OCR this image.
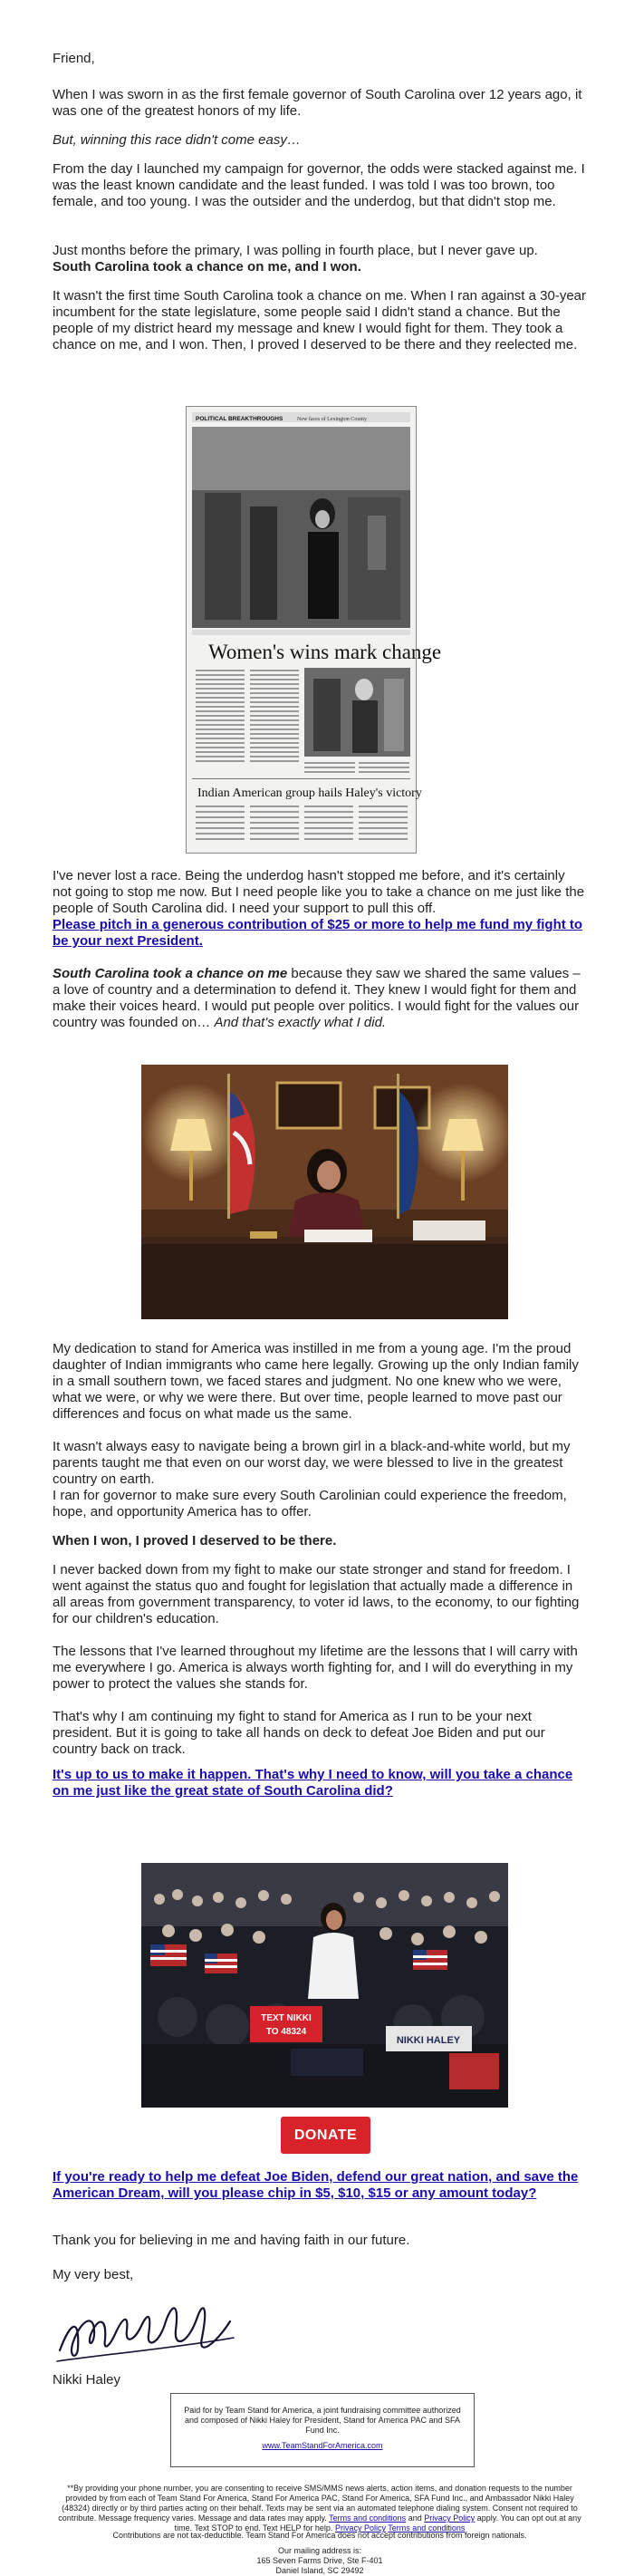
Friend,

When I was sworn in as the first female governor of South Carolina over 12 years ago, it was one of the greatest honors of my life.

But, winning this race didn't come easy…

From the day I launched my campaign for governor, the odds were stacked against me. I was the least known candidate and the least funded. I was told I was too brown, too female, and too young. I was the outsider and the underdog, but that didn't stop me.

Just months before the primary, I was polling in fourth place, but I never gave up.
South Carolina took a chance on me, and I won.

It wasn't the first time South Carolina took a chance on me. When I ran against a 30-year incumbent for the state legislature, some people said I didn't stand a chance. But the people of my district heard my message and knew I would fight for them. They took a chance on me, and I won. Then, I proved I deserved to be there and they reelected me.

POLITICAL BREAKTHROUGHS	New faces of Lexington County
Women's wins mark change
Indian American group hails Haley's victory

I've never lost a race. Being the underdog hasn't stopped me before, and it's certainly not going to stop me now. But I need people like you to take a chance on me just like the people of South Carolina did. I need your support to pull this off.

Please pitch in a generous contribution of $25 or more to help me fund my fight to be your next President.

South Carolina took a chance on me because they saw we shared the same values – a love of country and a determination to defend it. They knew I would fight for them and make their voices heard. I would put people over politics. I would fight for the values our country was founded on… And that's exactly what I did.

My dedication to stand for America was instilled in me from a young age. I'm the proud daughter of Indian immigrants who came here legally. Growing up the only Indian family in a small southern town, we faced stares and judgment. No one knew who we were, what we were, or why we were there. But over time, people learned to move past our differences and focus on what made us the same.

It wasn't always easy to navigate being a brown girl in a black-and-white world, but my parents taught me that even on our worst day, we were blessed to live in the greatest country on earth.

I ran for governor to make sure every South Carolinian could experience the freedom, hope, and opportunity America has to offer.

When I won, I proved I deserved to be there.

I never backed down from my fight to make our state stronger and stand for freedom. I went against the status quo and fought for legislation that actually made a difference in all areas from government transparency, to voter id laws, to the economy, to our fighting for our children's education.

The lessons that I've learned throughout my lifetime are the lessons that I will carry with me everywhere I go. America is always worth fighting for, and I will do everything in my power to protect the values she stands for.

That's why I am continuing my fight to stand for America as I run to be your next president. But it is going to take all hands on deck to defeat Joe Biden and put our country back on track.

It's up to us to make it happen. That's why I need to know, will you take a chance on me just like the great state of South Carolina did?

TEXT NIKKI
TO 48324
NIKKI HALEY
DONATE

If you're ready to help me defeat Joe Biden, defend our great nation, and save the American Dream, will you please chip in $5, $10, $15 or any amount today?

Thank you for believing in me and having faith in our future.

My very best,

Nikki Haley

Paid for by Team Stand for America, a joint fundraising committee authorized and composed of Nikki Haley for President, Stand for America PAC and SFA Fund Inc.
www.TeamStandForAmerica.com
**By providing your phone number, you are consenting to receive SMS/MMS news alerts, action items, and donation requests to the number provided by from each of Team Stand For America, Stand For America PAC, Stand For America, SFA Fund Inc., and Ambassador Nikki Haley (48324) directly or by third parties acting on their behalf. Texts may be sent via an automated telephone dialing system. Consent not required to contribute. Message frequency varies. Message and data rates may apply. Terms and conditions and Privacy Policy apply. You can opt out at any time. Text STOP to end. Text HELP for help. Privacy Policy Terms and conditions
Contributions are not tax-deductible. Team Stand For America does not accept contributions from foreign nationals.
Our mailing address is:
165 Seven Farms Drive, Ste F-401
Daniel Island, SC 29492
